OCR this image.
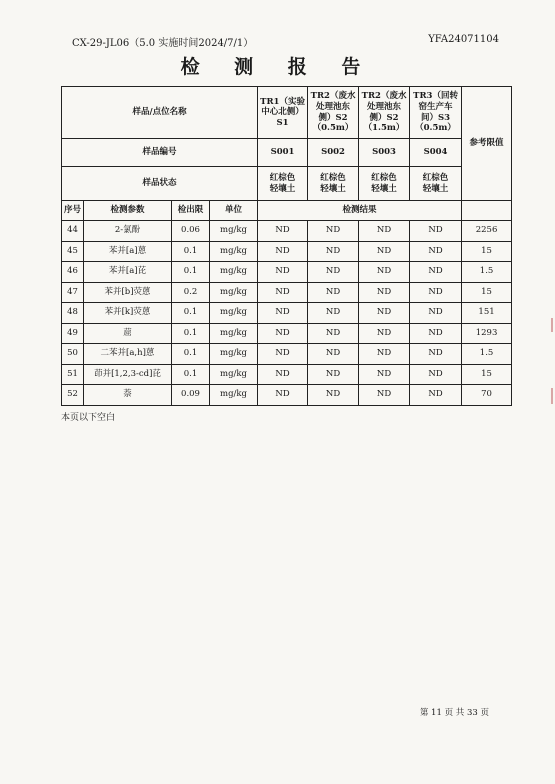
CX-29-JL06（5.0 实施时间2024/7/1）	YFA24071104
检 测 报 告
样品/点位名称				TR1（实验
中心北侧）
S1	TR2（废水
处理池东
侧）S2
（0.5m）	TR2（废水
处理池东
侧）S2
（1.5m）	TR3（回转
窑生产车
间）S3
（0.5m）	参考限值
样品编号				S001	S002	S003	S004	
样品状态				红棕色
轻壤土	红棕色
轻壤土	红棕色
轻壤土	红棕色
轻壤土	
序号	检测参数	检出限	单位	检测结果				
44	2-氯酚	0.06	mg/kg	ND	ND	ND	ND	2256
45	苯并[a]蒽	0.1	mg/kg	ND	ND	ND	ND	15
46	苯并[a]芘	0.1	mg/kg	ND	ND	ND	ND	1.5
47	苯并[b]荧蒽	0.2	mg/kg	ND	ND	ND	ND	15
48	苯并[k]荧蒽	0.1	mg/kg	ND	ND	ND	ND	151
49	䓛	0.1	mg/kg	ND	ND	ND	ND	1293
50	二苯并[a,h]蒽	0.1	mg/kg	ND	ND	ND	ND	1.5
51	茚并[1,2,3-cd]芘	0.1	mg/kg	ND	ND	ND	ND	15
52	萘	0.09	mg/kg	ND	ND	ND	ND	70
本页以下空白
第 11 页 共 33 页
